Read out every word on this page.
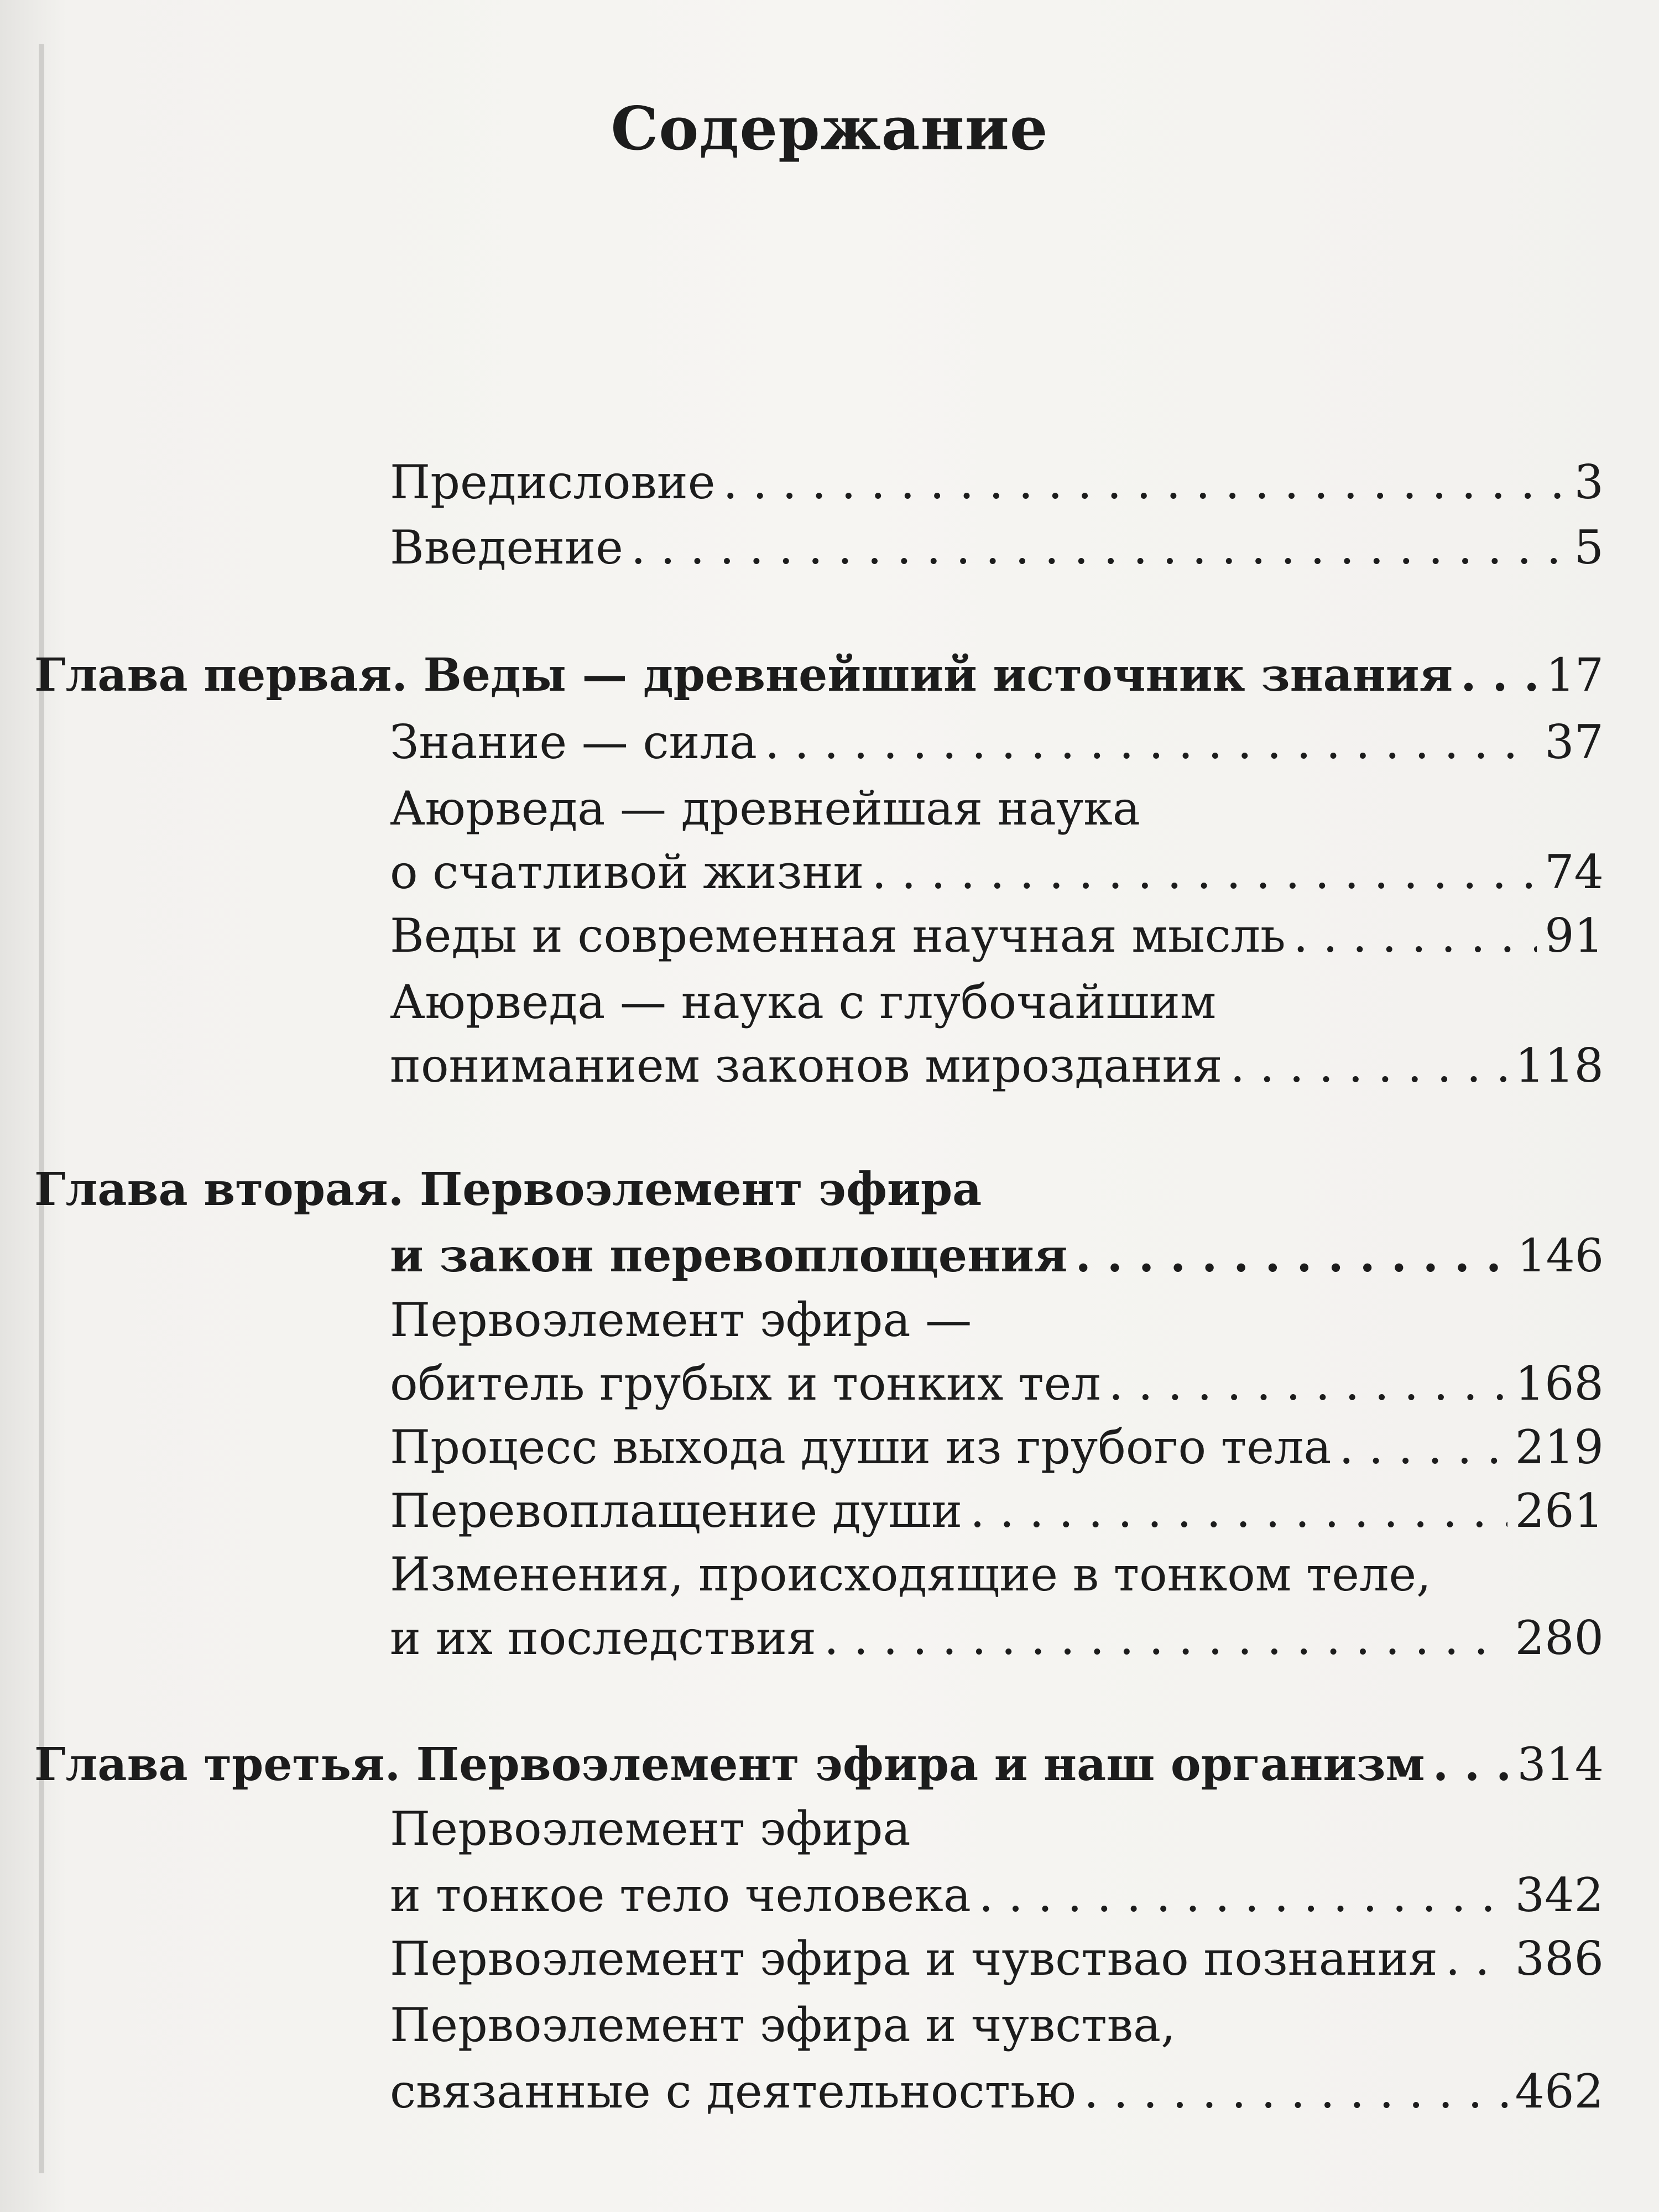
Содержание
Предисловие . . .	3
Введение . . .	5
Глава первая. Веды — древнейший источник знания . . . 17
Знание — сила . . .	37
Аюрведа — древнейшая наука
о счатливой жизни . . .	74
Веды и современная научная мысль . . .	91
Аюрведа — наука с глубочайшим
пониманием законов мироздания . . .	118
Глава вторая. Первоэлемент эфира
и закон перевоплощения . . .	146
Первоэлемент эфира —
обитель грубых и тонких тел . . .	168
Процесс выхода души из грубого тела . . .	219
Перевоплащение души . . .	261
Изменения, происходящие в тонком теле,
и их последствия . . .	280
Глава третья. Первоэлемент эфира и наш организм . . . 314
Первоэлемент эфира
и тонкое тело человека . . .	342
Первоэлемент эфира и чувствао познания . . . 386
Первоэлемент эфира и чувства,
связанные с деятельностью . . .	462
